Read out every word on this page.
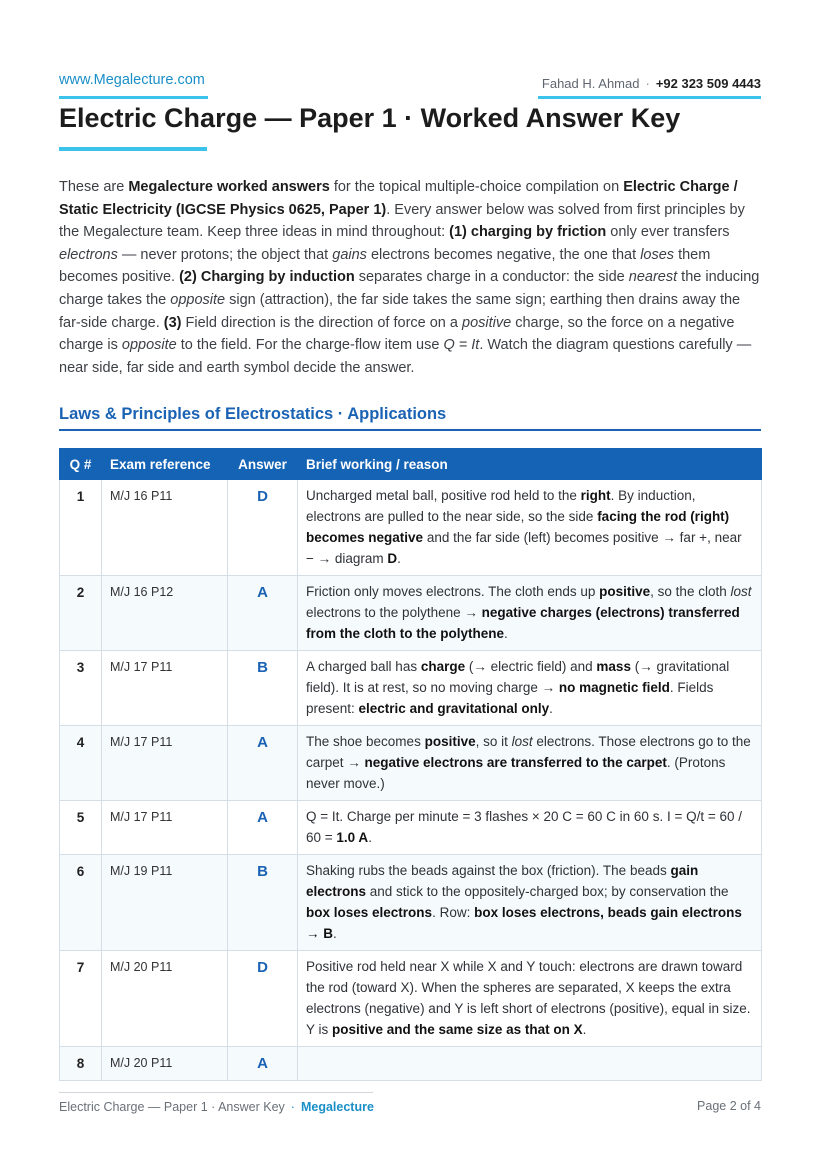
www.Megalecture.com	Fahad H. Ahmad · +92 323 509 4443
Electric Charge — Paper 1 · Worked Answer Key

These are Megalecture worked answers for the topical multiple-choice compilation on Electric Charge / Static Electricity (IGCSE Physics 0625, Paper 1). Every answer below was solved from first principles by the Megalecture team. Keep three ideas in mind throughout: (1) charging by friction only ever transfers electrons — never protons; the object that gains electrons becomes negative, the one that loses them becomes positive. (2) Charging by induction separates charge in a conductor: the side nearest the inducing charge takes the opposite sign (attraction), the far side takes the same sign; earthing then drains away the far-side charge. (3) Field direction is the direction of force on a positive charge, so the force on a negative charge is opposite to the field. For the charge-flow item use Q = It. Watch the diagram questions carefully — near side, far side and earth symbol decide the answer.

Laws & Principles of Electrostatics · Applications
Q #	Exam reference	Answer	Brief working / reason
1	M/J 16 P11	D	Uncharged metal ball, positive rod held to the right. By induction, electrons are pulled to the near side, so the side facing the rod (right) becomes negative and the far side (left) becomes positive → far +, near − → diagram D.
2	M/J 16 P12	A	Friction only moves electrons. The cloth ends up positive, so the cloth lost electrons to the polythene → negative charges (electrons) transferred from the cloth to the polythene.
3	M/J 17 P11	B	A charged ball has charge (→ electric field) and mass (→ gravitational field). It is at rest, so no moving charge → no magnetic field. Fields present: electric and gravitational only.
4	M/J 17 P11	A	The shoe becomes positive, so it lost electrons. Those electrons go to the carpet → negative electrons are transferred to the carpet. (Protons never move.)
5	M/J 17 P11	A	Q = It. Charge per minute = 3 flashes × 20 C = 60 C in 60 s. I = Q/t = 60 / 60 = 1.0 A.
6	M/J 19 P11	B	Shaking rubs the beads against the box (friction). The beads gain electrons and stick to the oppositely-charged box; by conservation the box loses electrons. Row: box loses electrons, beads gain electrons → B.
7	M/J 20 P11	D	Positive rod held near X while X and Y touch: electrons are drawn toward the rod (toward X). When the spheres are separated, X keeps the extra electrons (negative) and Y is left short of electrons (positive), equal in size. Y is positive and the same size as that on X.
8	M/J 20 P11	A	
Electric Charge — Paper 1 · Answer Key · Megalecture	Page 2 of 4
